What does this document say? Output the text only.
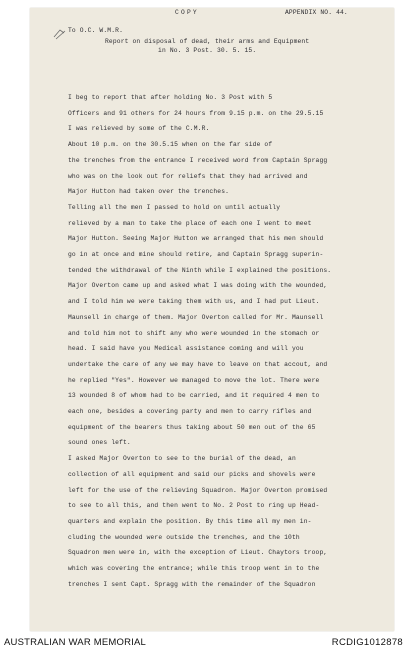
COPY	APPENDIX NO. 44.
To O.C. W.M.R.
Report on disposal of dead, their arms and Equipment
in No. 3 Post. 30. 5. 15.
I beg to report that after holding No. 3 Post with 5
Officers and 91 others for 24 hours from 9.15 p.m. on the 29.5.15
I was relieved by some of the C.M.R.
About 10 p.m. on the 30.5.15 when on the far side of
the trenches from the entrance I received word from Captain Spragg
who was on the look out for reliefs that they had arrived and
Major Hutton had taken over the trenches.
Telling all the men I passed to hold on until actually
relieved by a man to take the place of each one I went to meet
Major Hutton. Seeing Major Hutton we arranged that his men should
go in at once and mine should retire, and Captain Spragg superin-
tended the withdrawal of the Ninth while I explained the positions.
Major Overton came up and asked what I was doing with the wounded,
and I told him we were taking them with us, and I had put Lieut.
Maunsell in charge of them. Major Overton called for Mr. Maunsell
and told him not to shift any who were wounded in the stomach or
head. I said have you Medical assistance coming and will you
undertake the care of any we may have to leave on that accout, and
he replied "Yes". However we managed to move the lot. There were
13 wounded 8 of whom had to be carried, and it required 4 men to
each one, besides a covering party and men to carry rifles and
equipment of the bearers thus taking about 50 men out of the 65
sound ones left.
I asked Major Overton to see to the burial of the dead, an
collection of all equipment and said our picks and shovels were
left for the use of the relieving Squadron. Major Overton promised
to see to all this, and then went to No. 2 Post to ring up Head-
quarters and explain the position. By this time all my men in-
cluding the wounded were outside the trenches, and the 10th
Squadron men were in, with the exception of Lieut. Chaytors troop,
which was covering the entrance; while this troop went in to the
trenches I sent Capt. Spragg with the remainder of the Squadron
AUSTRALIAN WAR MEMORIAL	RCDIG1012878
